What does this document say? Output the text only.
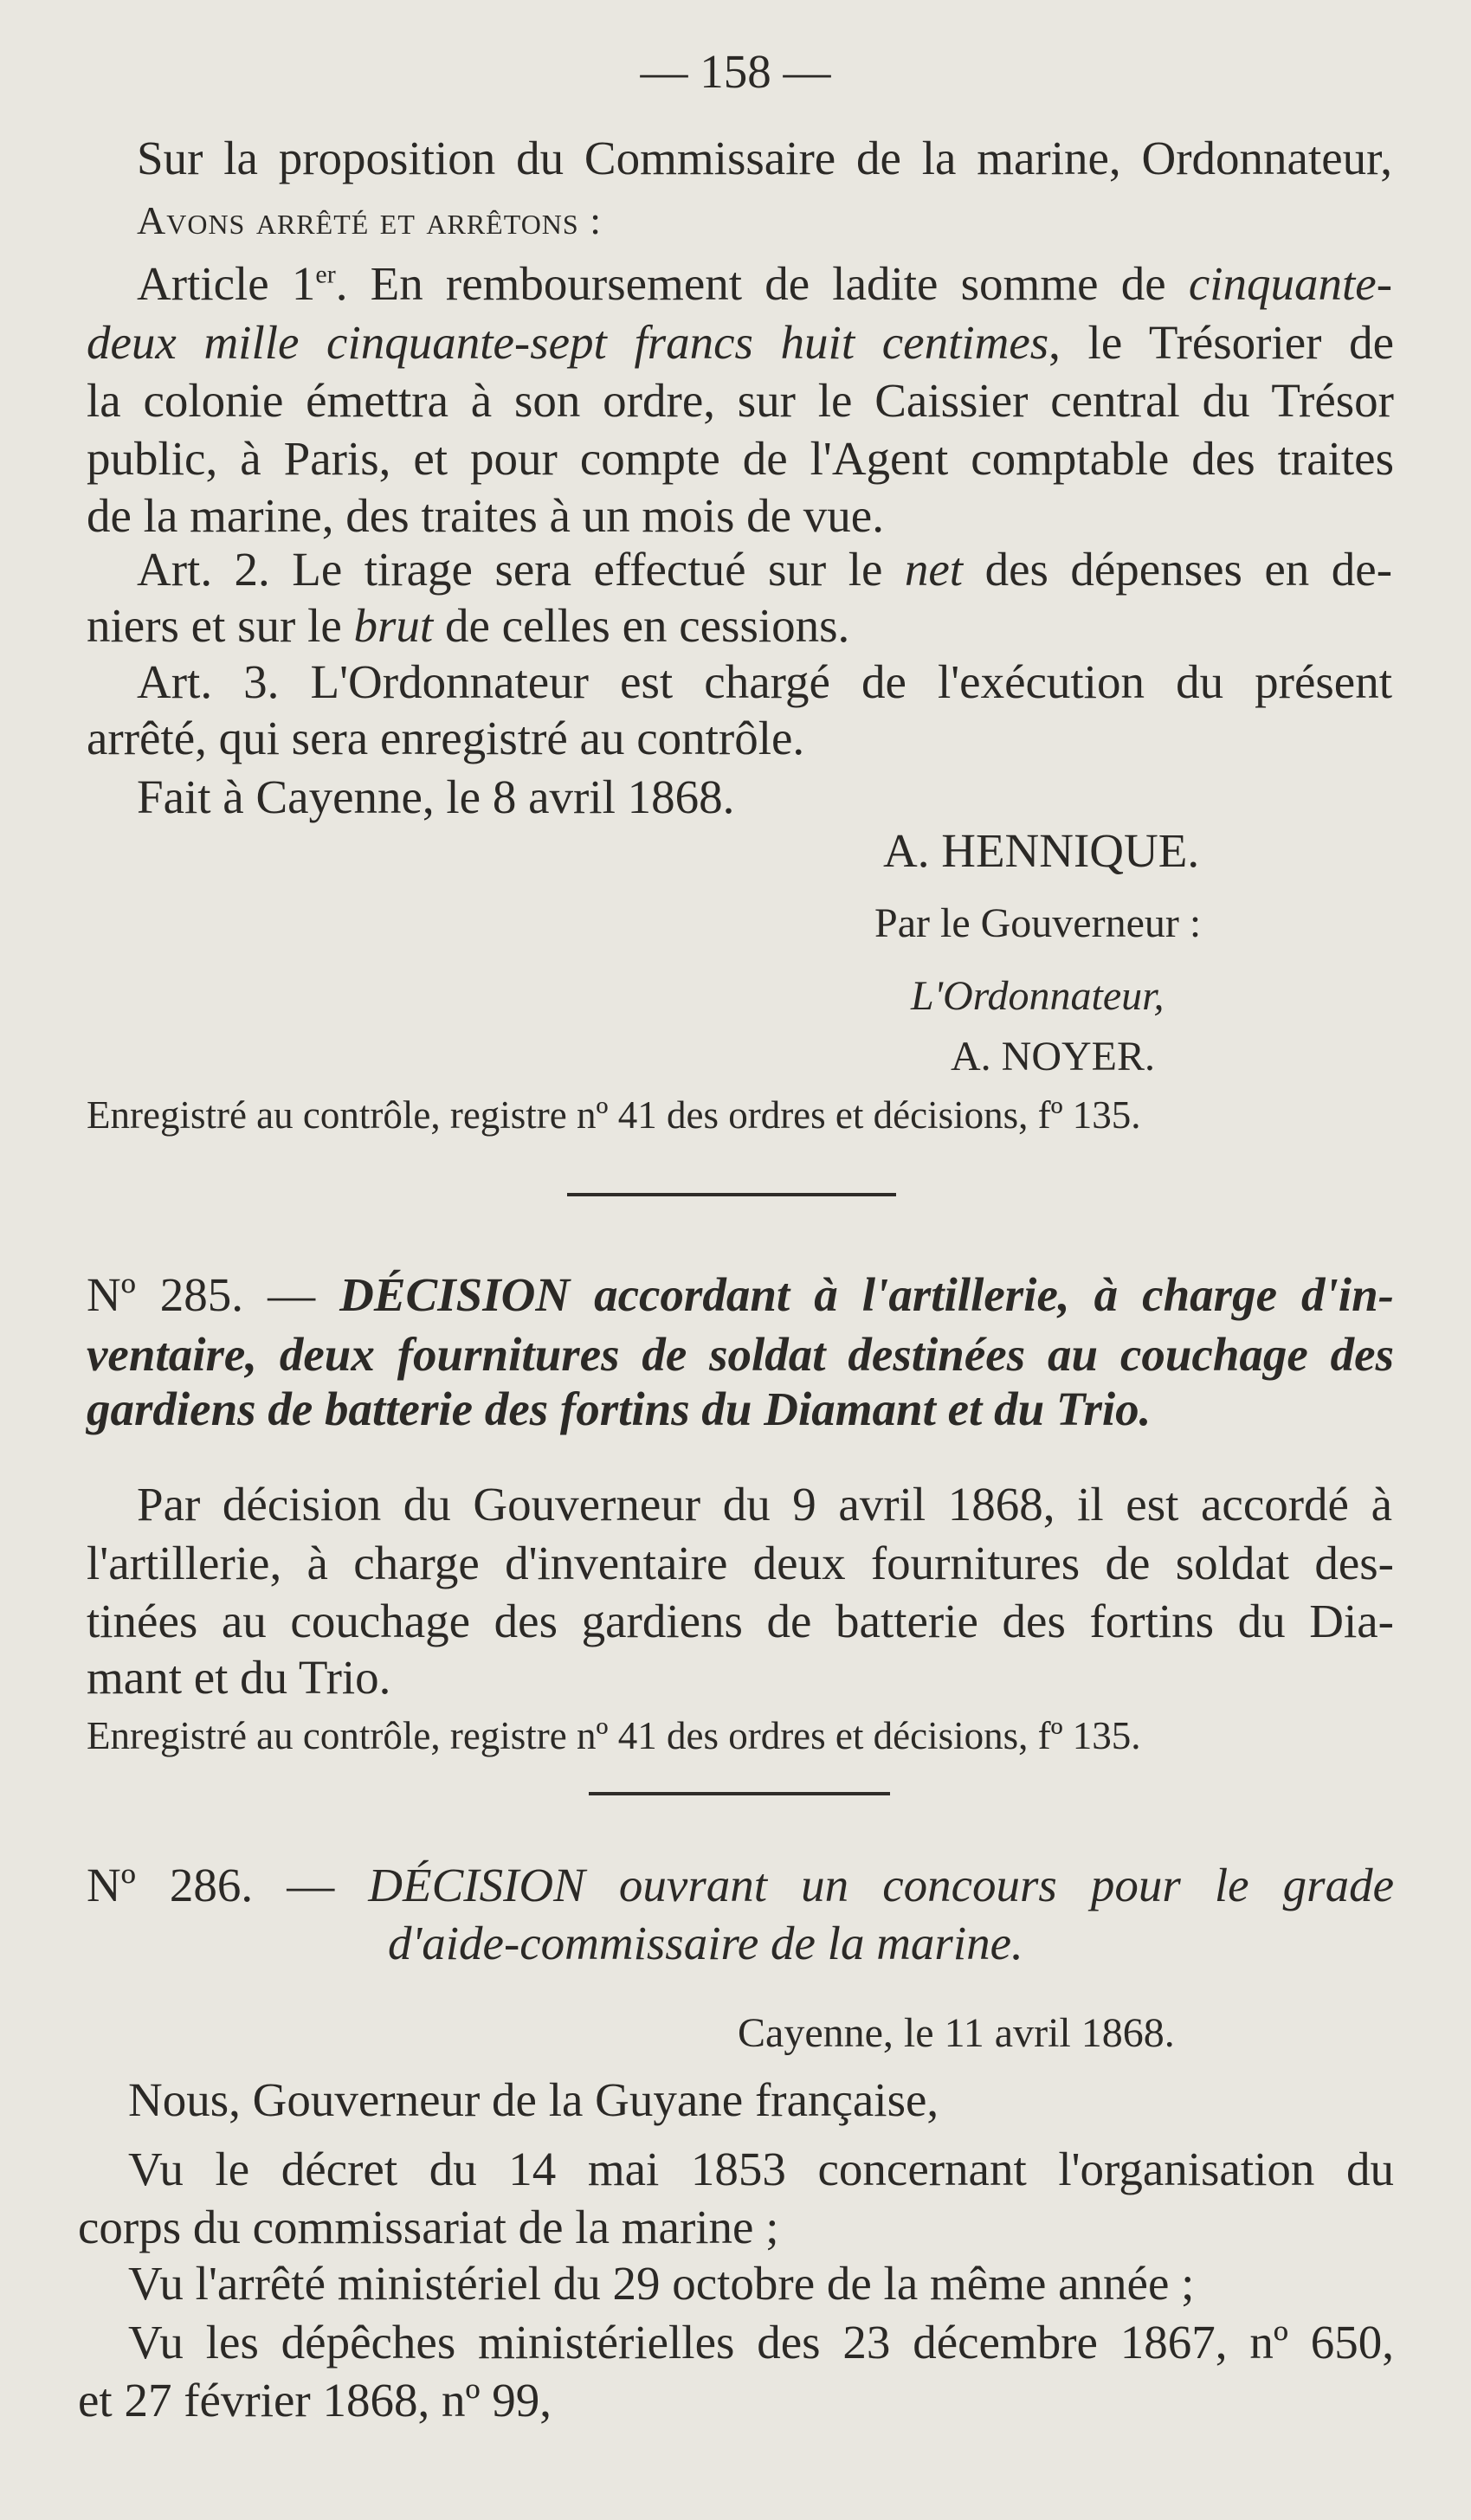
— 158 —
Sur la proposition du Commissaire de la marine, Ordonnateur,
Avons arrêté et arrêtons :
Article 1er. En remboursement de ladite somme de cinquante-
deux mille cinquante-sept francs huit centimes, le Trésorier de
la colonie émettra à son ordre, sur le Caissier central du Trésor
public, à Paris, et pour compte de l'Agent comptable des traites
de la marine, des traites à un mois de vue.
Art. 2. Le tirage sera effectué sur le net des dépenses en de-
niers et sur le brut de celles en cessions.
Art. 3. L'Ordonnateur est chargé de l'exécution du présent
arrêté, qui sera enregistré au contrôle.
Fait à Cayenne, le 8 avril 1868.
A. HENNIQUE.
Par le Gouverneur :
L'Ordonnateur,
A. NOYER.
Enregistré au contrôle, registre nº 41 des ordres et décisions, fº 135.
Nº 285. — DÉCISION accordant à l'artillerie, à charge d'in-
ventaire, deux fournitures de soldat destinées au couchage des
gardiens de batterie des fortins du Diamant et du Trio.
Par décision du Gouverneur du 9 avril 1868, il est accordé à
l'artillerie, à charge d'inventaire deux fournitures de soldat des-
tinées au couchage des gardiens de batterie des fortins du Dia-
mant et du Trio.
Enregistré au contrôle, registre nº 41 des ordres et décisions, fº 135.
Nº 286. — DÉCISION ouvrant un concours pour le grade
d'aide-commissaire de la marine.
Cayenne, le 11 avril 1868.
Nous, Gouverneur de la Guyane française,
Vu le décret du 14 mai 1853 concernant l'organisation du
corps du commissariat de la marine ;
Vu l'arrêté ministériel du 29 octobre de la même année ;
Vu les dépêches ministérielles des 23 décembre 1867, nº 650,
et 27 février 1868, nº 99,
